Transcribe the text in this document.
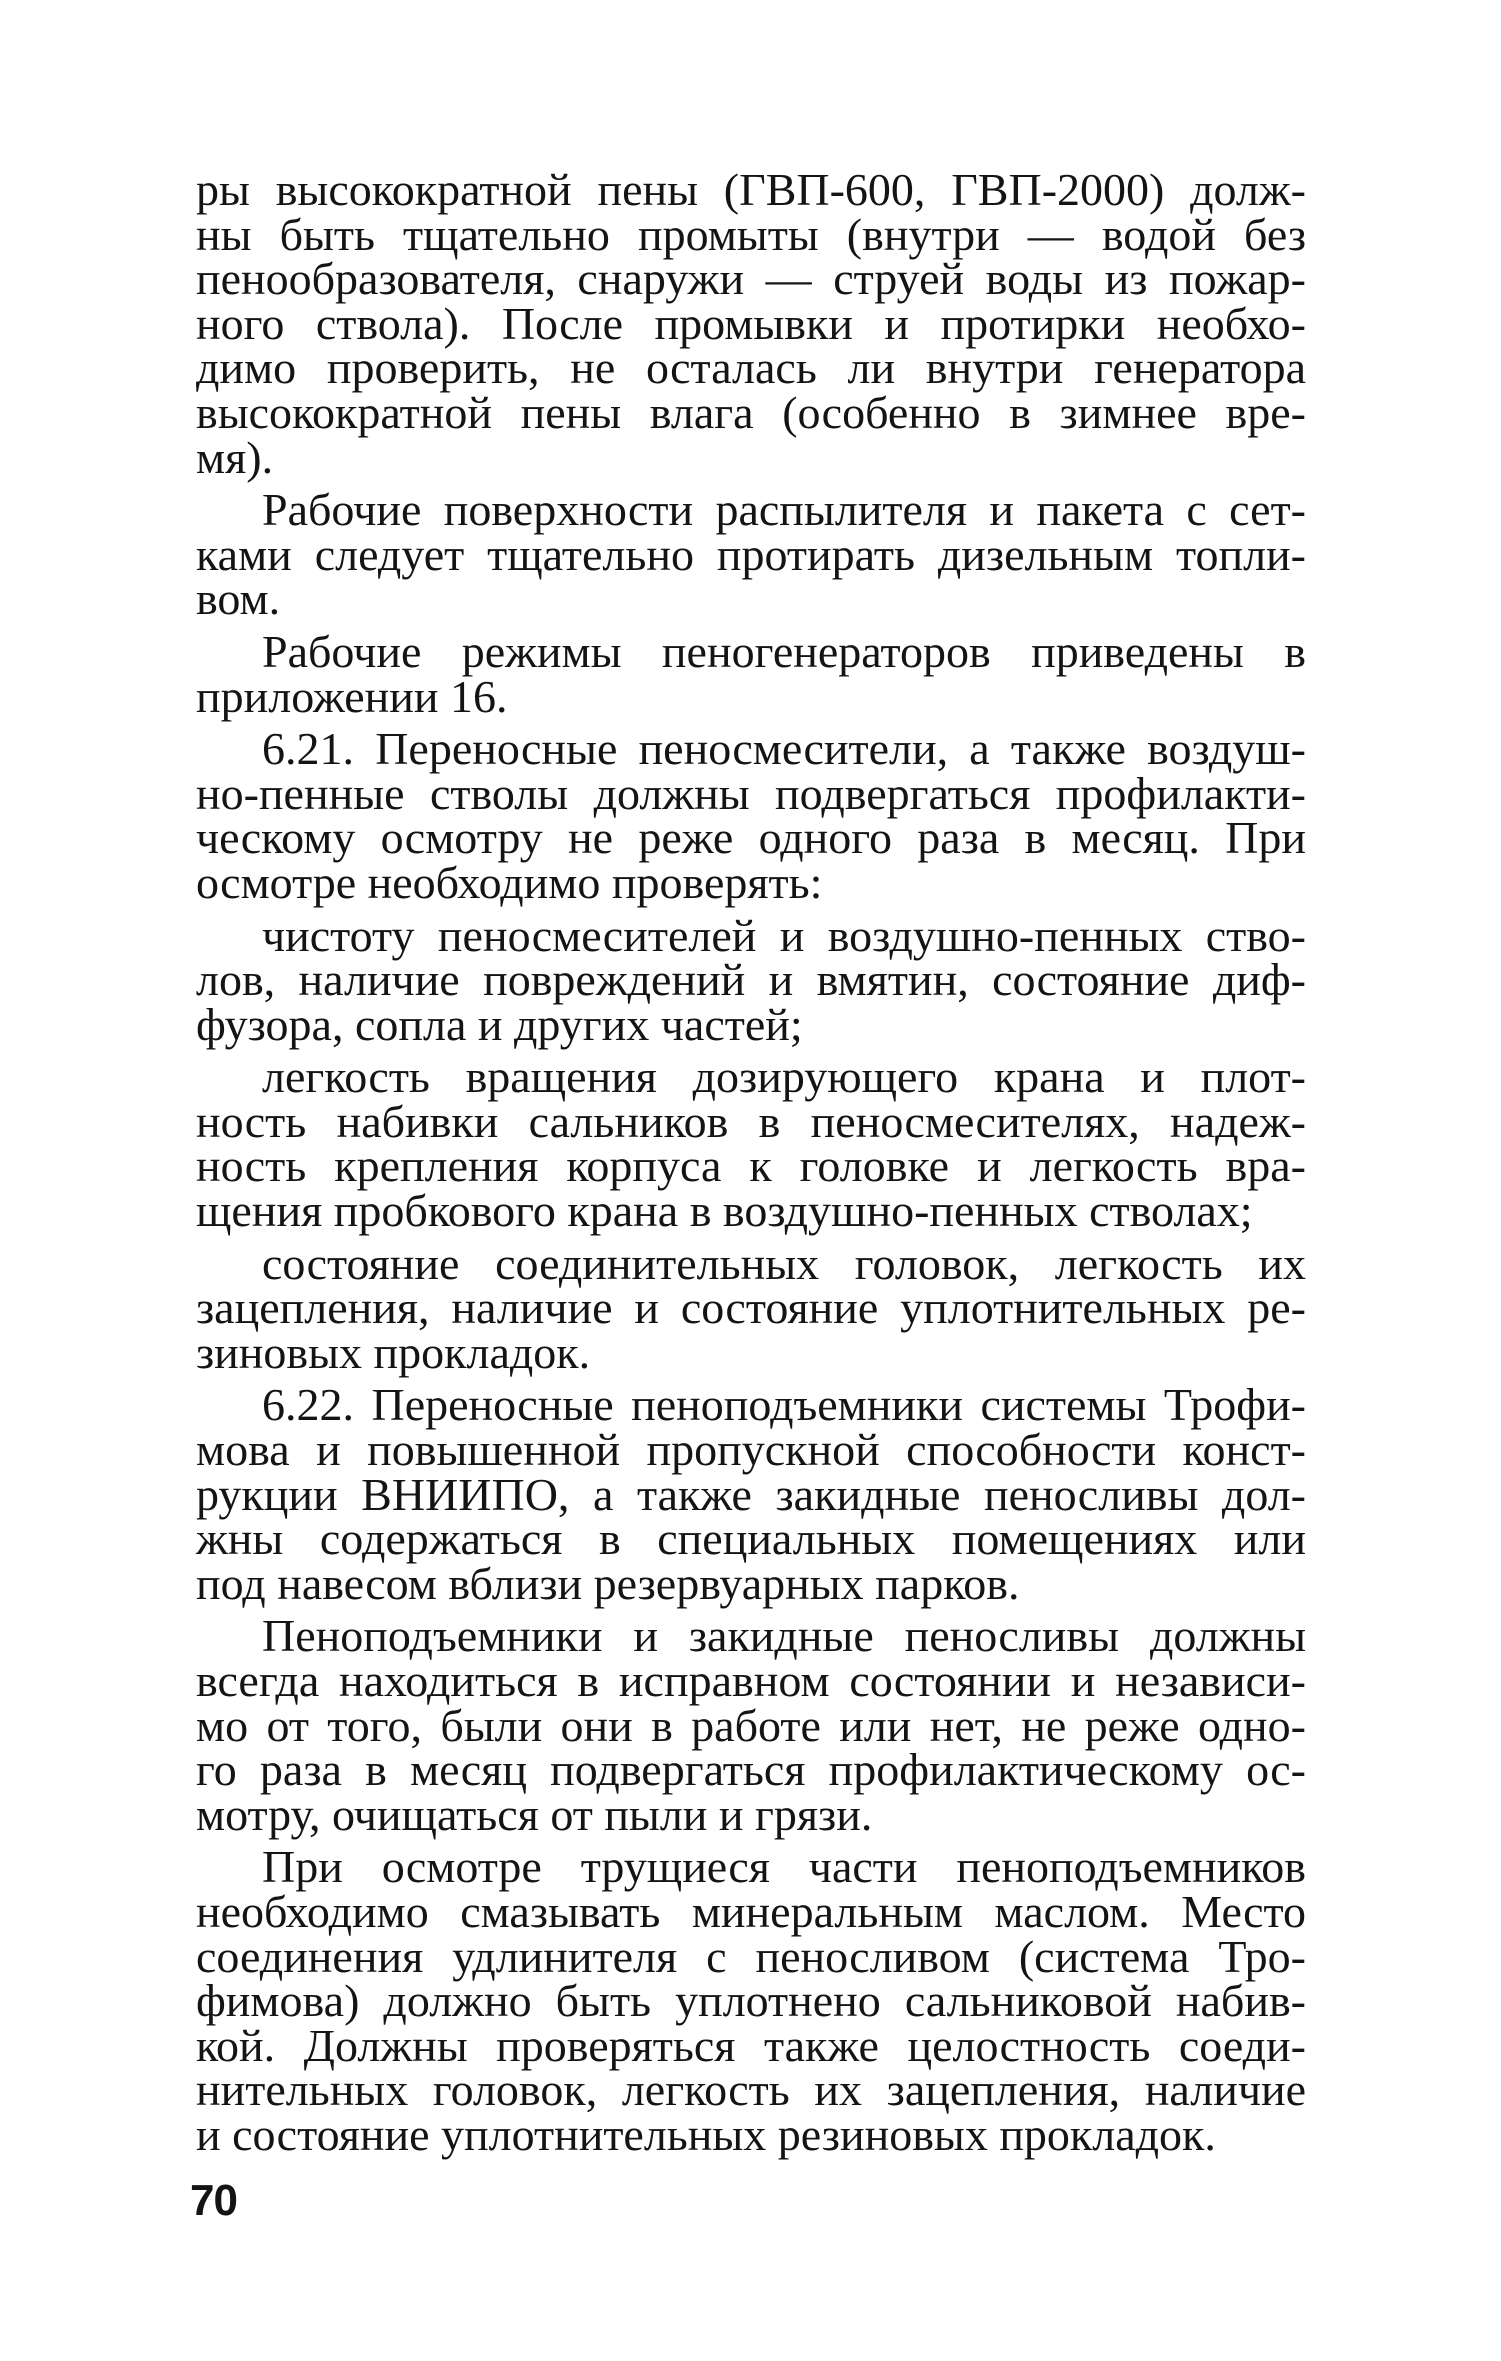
ры высокократной пены (ГВП-600, ГВП-2000) долж-
ны быть тщательно промыты (внутри — водой без
пенообразователя, снаружи — струей воды из пожар-
ного ствола). После промывки и протирки необхо-
димо проверить, не осталась ли внутри генератора
высокократной пены влага (особенно в зимнее вре-
мя).
Рабочие поверхности распылителя и пакета с сет-
ками следует тщательно протирать дизельным топли-
вом.
Рабочие режимы пеногенераторов приведены в
приложении 16.
6.21. Переносные пеносмесители, а также воздуш-
но-пенные стволы должны подвергаться профилакти-
ческому осмотру не реже одного раза в месяц. При
осмотре необходимо проверять:
чистоту пеносмесителей и воздушно-пенных ство-
лов, наличие повреждений и вмятин, состояние диф-
фузора, сопла и других частей;
легкость вращения дозирующего крана и плот-
ность набивки сальников в пеносмесителях, надеж-
ность крепления корпуса к головке и легкость вра-
щения пробкового крана в воздушно-пенных стволах;
состояние соединительных головок, легкость их
зацепления, наличие и состояние уплотнительных ре-
зиновых прокладок.
6.22. Переносные пеноподъемники системы Трофи-
мова и повышенной пропускной способности конст-
рукции ВНИИПО, а также закидные пеносливы дол-
жны содержаться в специальных помещениях или
под навесом вблизи резервуарных парков.
Пеноподъемники и закидные пеносливы должны
всегда находиться в исправном состоянии и независи-
мо от того, были они в работе или нет, не реже одно-
го раза в месяц подвергаться профилактическому ос-
мотру, очищаться от пыли и грязи.
При осмотре трущиеся части пеноподъемников
необходимо смазывать минеральным маслом. Место
соединения удлинителя с пеносливом (система Тро-
фимова) должно быть уплотнено сальниковой набив-
кой. Должны проверяться также целостность соеди-
нительных головок, легкость их зацепления, наличие
и состояние уплотнительных резиновых прокладок.
70
